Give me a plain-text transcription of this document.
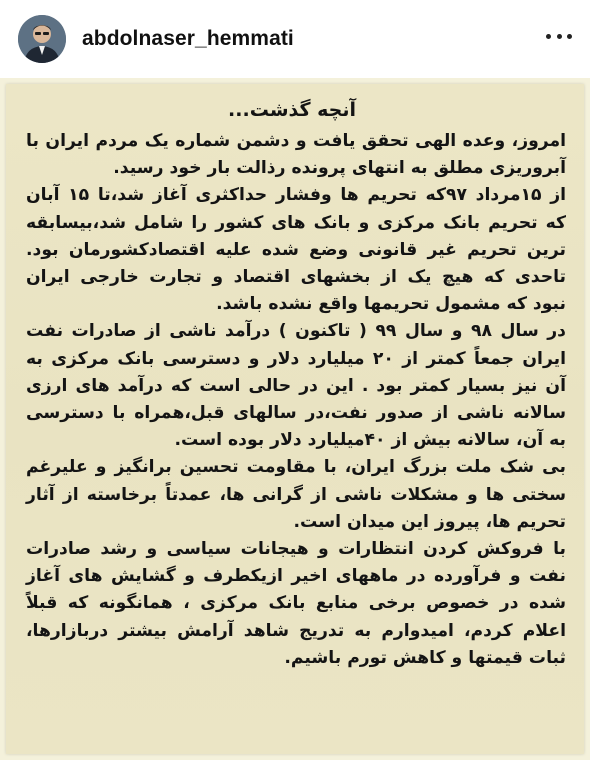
abdolnaser_hemmati
آنچه گذشت...
امروز، وعده الهی تحقق یافت و دشمن شماره یک مردم ایران با
آبروریزی مطلق به انتهای پرونده رذالت بار خود رسید.
از ۱۵مرداد ۹۷که تحریم ها وفشار حداکثری آغاز شد،تا ۱۵ آبان
که تحریم بانک مرکزی و بانک های کشور را شامل شد،بیسابقه
ترین تحریم غیر قانونی وضع شده علیه اقتصادکشورمان بود.
تاحدی که هیچ یک از بخشهای اقتصاد و تجارت خارجی ایران
نبود که مشمول تحریمها واقع نشده باشد.
در سال ۹۸ و سال ۹۹ ( تاکنون ) درآمد ناشی از صادرات نفت
ایران جمعاً کمتر از ۲۰ میلیارد دلار و دسترسی بانک مرکزی به
آن نیز بسیار کمتر بود . این در حالی است که درآمد های ارزی
سالانه ناشی از صدور نفت،در سالهای قبل،همراه با دسترسی
به آن، سالانه بیش از ۴۰میلیارد دلار بوده است.
بی شک ملت بزرگ ایران، با مقاومت تحسین برانگیز و علیرغم
سختی ها و مشکلات ناشی از گرانی ها، عمدتاً برخاسته از آثار
تحریم ها، پیروز این میدان است.
با فروکش کردن انتظارات و هیجانات سیاسی و رشد صادرات
نفت و فرآورده در ماههای اخیر ازیکطرف و گشایش های آغاز
شده در خصوص برخی منابع بانک مرکزی ، همانگونه که قبلاً
اعلام کردم، امیدوارم به تدریج شاهد آرامش بیشتر دربازارها،
ثبات قیمتها و کاهش تورم باشیم.
